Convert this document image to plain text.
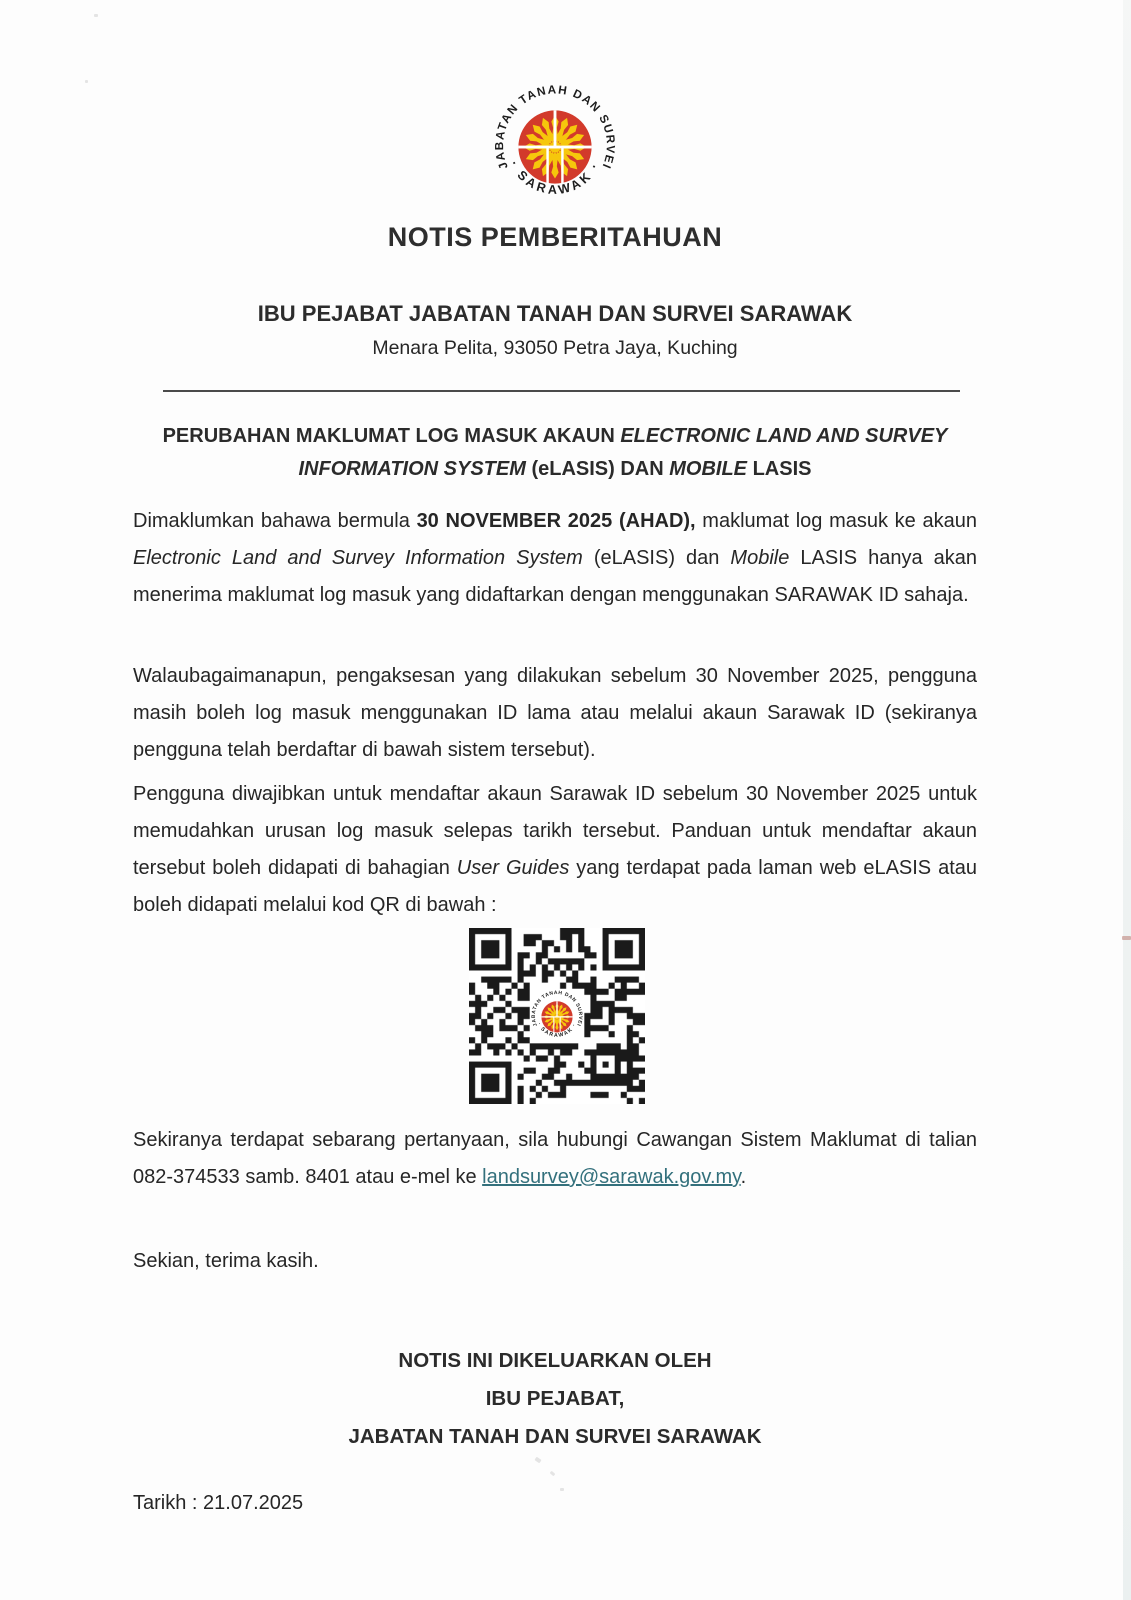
NOTIS PEMBERITAHUAN
IBU PEJABAT JABATAN TANAH DAN SURVEI SARAWAK
Menara Pelita, 93050 Petra Jaya, Kuching
PERUBAHAN MAKLUMAT LOG MASUK AKAUN ELECTRONIC LAND AND SURVEY INFORMATION SYSTEM (eLASIS) DAN MOBILE LASIS
Dimaklumkan bahawa bermula 30 NOVEMBER 2025 (AHAD), maklumat log masuk ke akaun Electronic Land and Survey Information System (eLASIS) dan Mobile LASIS hanya akan menerima maklumat log masuk yang didaftarkan dengan menggunakan SARAWAK ID sahaja.
Walaubagaimanapun, pengaksesan yang dilakukan sebelum 30 November 2025, pengguna masih boleh log masuk menggunakan ID lama atau melalui akaun Sarawak ID (sekiranya pengguna telah berdaftar di bawah sistem tersebut).
Pengguna diwajibkan untuk mendaftar akaun Sarawak ID sebelum 30 November 2025 untuk memudahkan urusan log masuk selepas tarikh tersebut. Panduan untuk mendaftar akaun tersebut boleh didapati di bahagian User Guides yang terdapat pada laman web eLASIS atau boleh didapati melalui kod QR di bawah :
Sekiranya terdapat sebarang pertanyaan, sila hubungi Cawangan Sistem Maklumat di talian 082-374533 samb. 8401 atau e-mel ke landsurvey@sarawak.gov.my.
Sekian, terima kasih.
NOTIS INI DIKELUARKAN OLEH
IBU PEJABAT,
JABATAN TANAH DAN SURVEI SARAWAK
Tarikh : 21.07.2025
